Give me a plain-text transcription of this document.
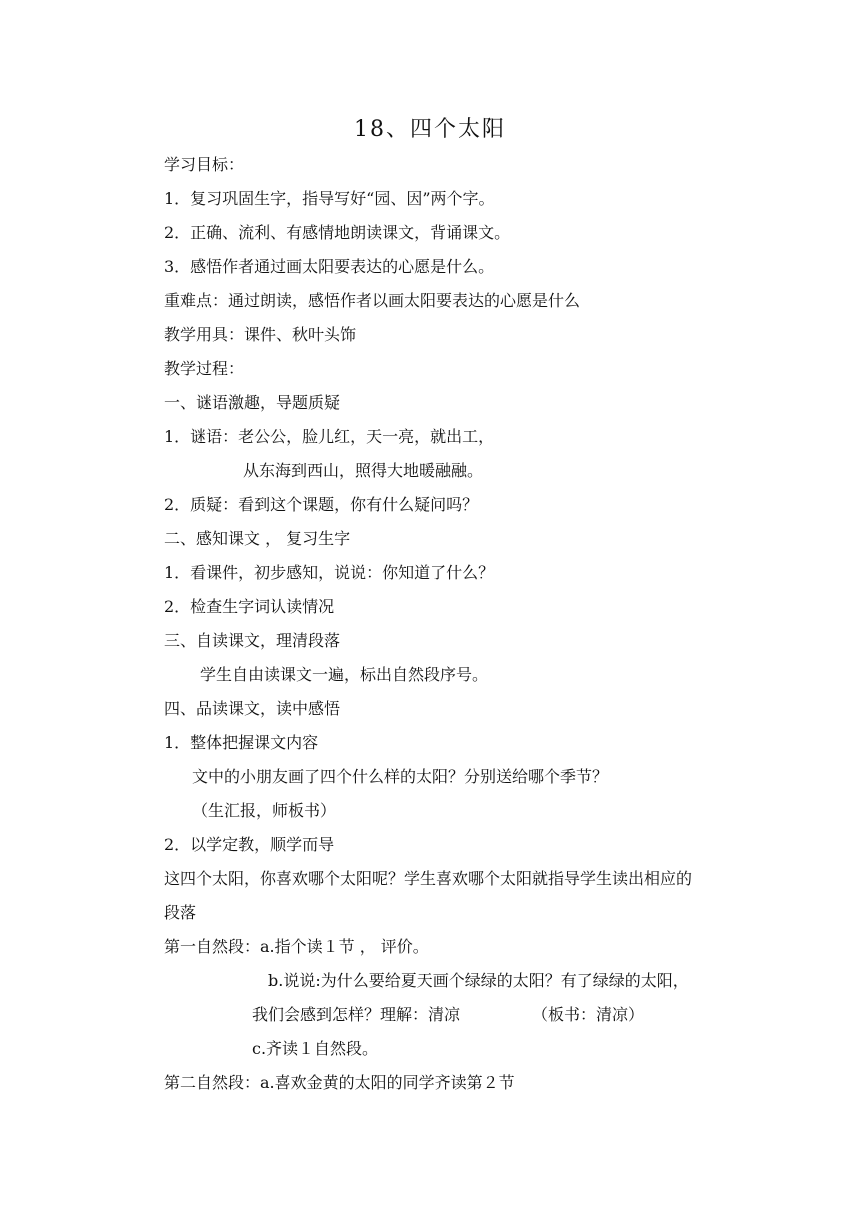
18、四个太阳
学习目标：
1．复习巩固生字，指导写好“园、因”两个字。
2．正确、流利、有感情地朗读课文，背诵课文。
3．感悟作者通过画太阳要表达的心愿是什么。
重难点：通过朗读，感悟作者以画太阳要表达的心愿是什么
教学用具：课件、秋叶头饰
教学过程：
一、谜语激趣，导题质疑
1．谜语：老公公，脸儿红，天一亮，就出工，
从东海到西山，照得大地暖融融。
2．质疑：看到这个课题，你有什么疑问吗？
二、感知课文 ， 复习生字
1．看课件，初步感知，说说：你知道了什么？
2．检查生字词认读情况
三、自读课文，理清段落
学生自由读课文一遍，标出自然段序号。
四、品读课文，读中感悟
1．整体把握课文内容
文中的小朋友画了四个什么样的太阳？分别送给哪个季节？
（生汇报，师板书）
2．以学定教，顺学而导
这四个太阳，你喜欢哪个太阳呢？学生喜欢哪个太阳就指导学生读出相应的
段落
第一自然段：a.指个读１节 ， 评价。
b.说说:为什么要给夏天画个绿绿的太阳？有了绿绿的太阳，
我们会感到怎样？理解：清凉	（板书：清凉）
c.齐读１自然段。
第二自然段：a.喜欢金黄的太阳的同学齐读第２节
